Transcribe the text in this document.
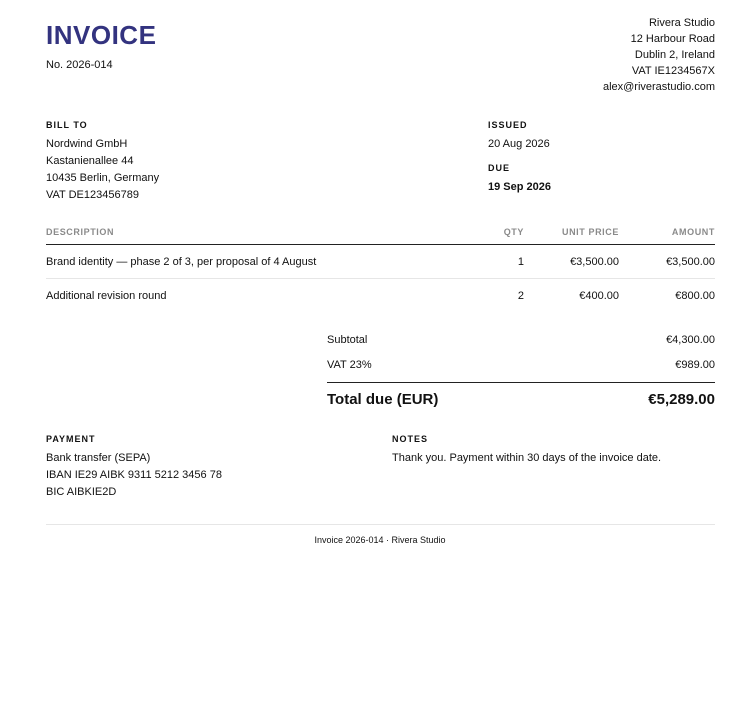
INVOICE
No. 2026-014
Rivera Studio
12 Harbour Road
Dublin 2, Ireland
VAT IE1234567X
alex@riverastudio.com
BILL TO
Nordwind GmbH
Kastanienallee 44
10435 Berlin, Germany
VAT DE123456789
ISSUED
20 Aug 2026
DUE
19 Sep 2026
DESCRIPTION	QTY	UNIT PRICE	AMOUNT
Brand identity — phase 2 of 3, per proposal of 4 August	1	€3,500.00	€3,500.00
Additional revision round	2	€400.00	€800.00
Subtotal	€4,300.00
VAT 23%	€989.00
Total due (EUR)	€5,289.00
PAYMENT
Bank transfer (SEPA)
IBAN IE29 AIBK 9311 5212 3456 78
BIC AIBKIE2D
NOTES
Thank you. Payment within 30 days of the invoice date.
Invoice 2026-014 · Rivera Studio
